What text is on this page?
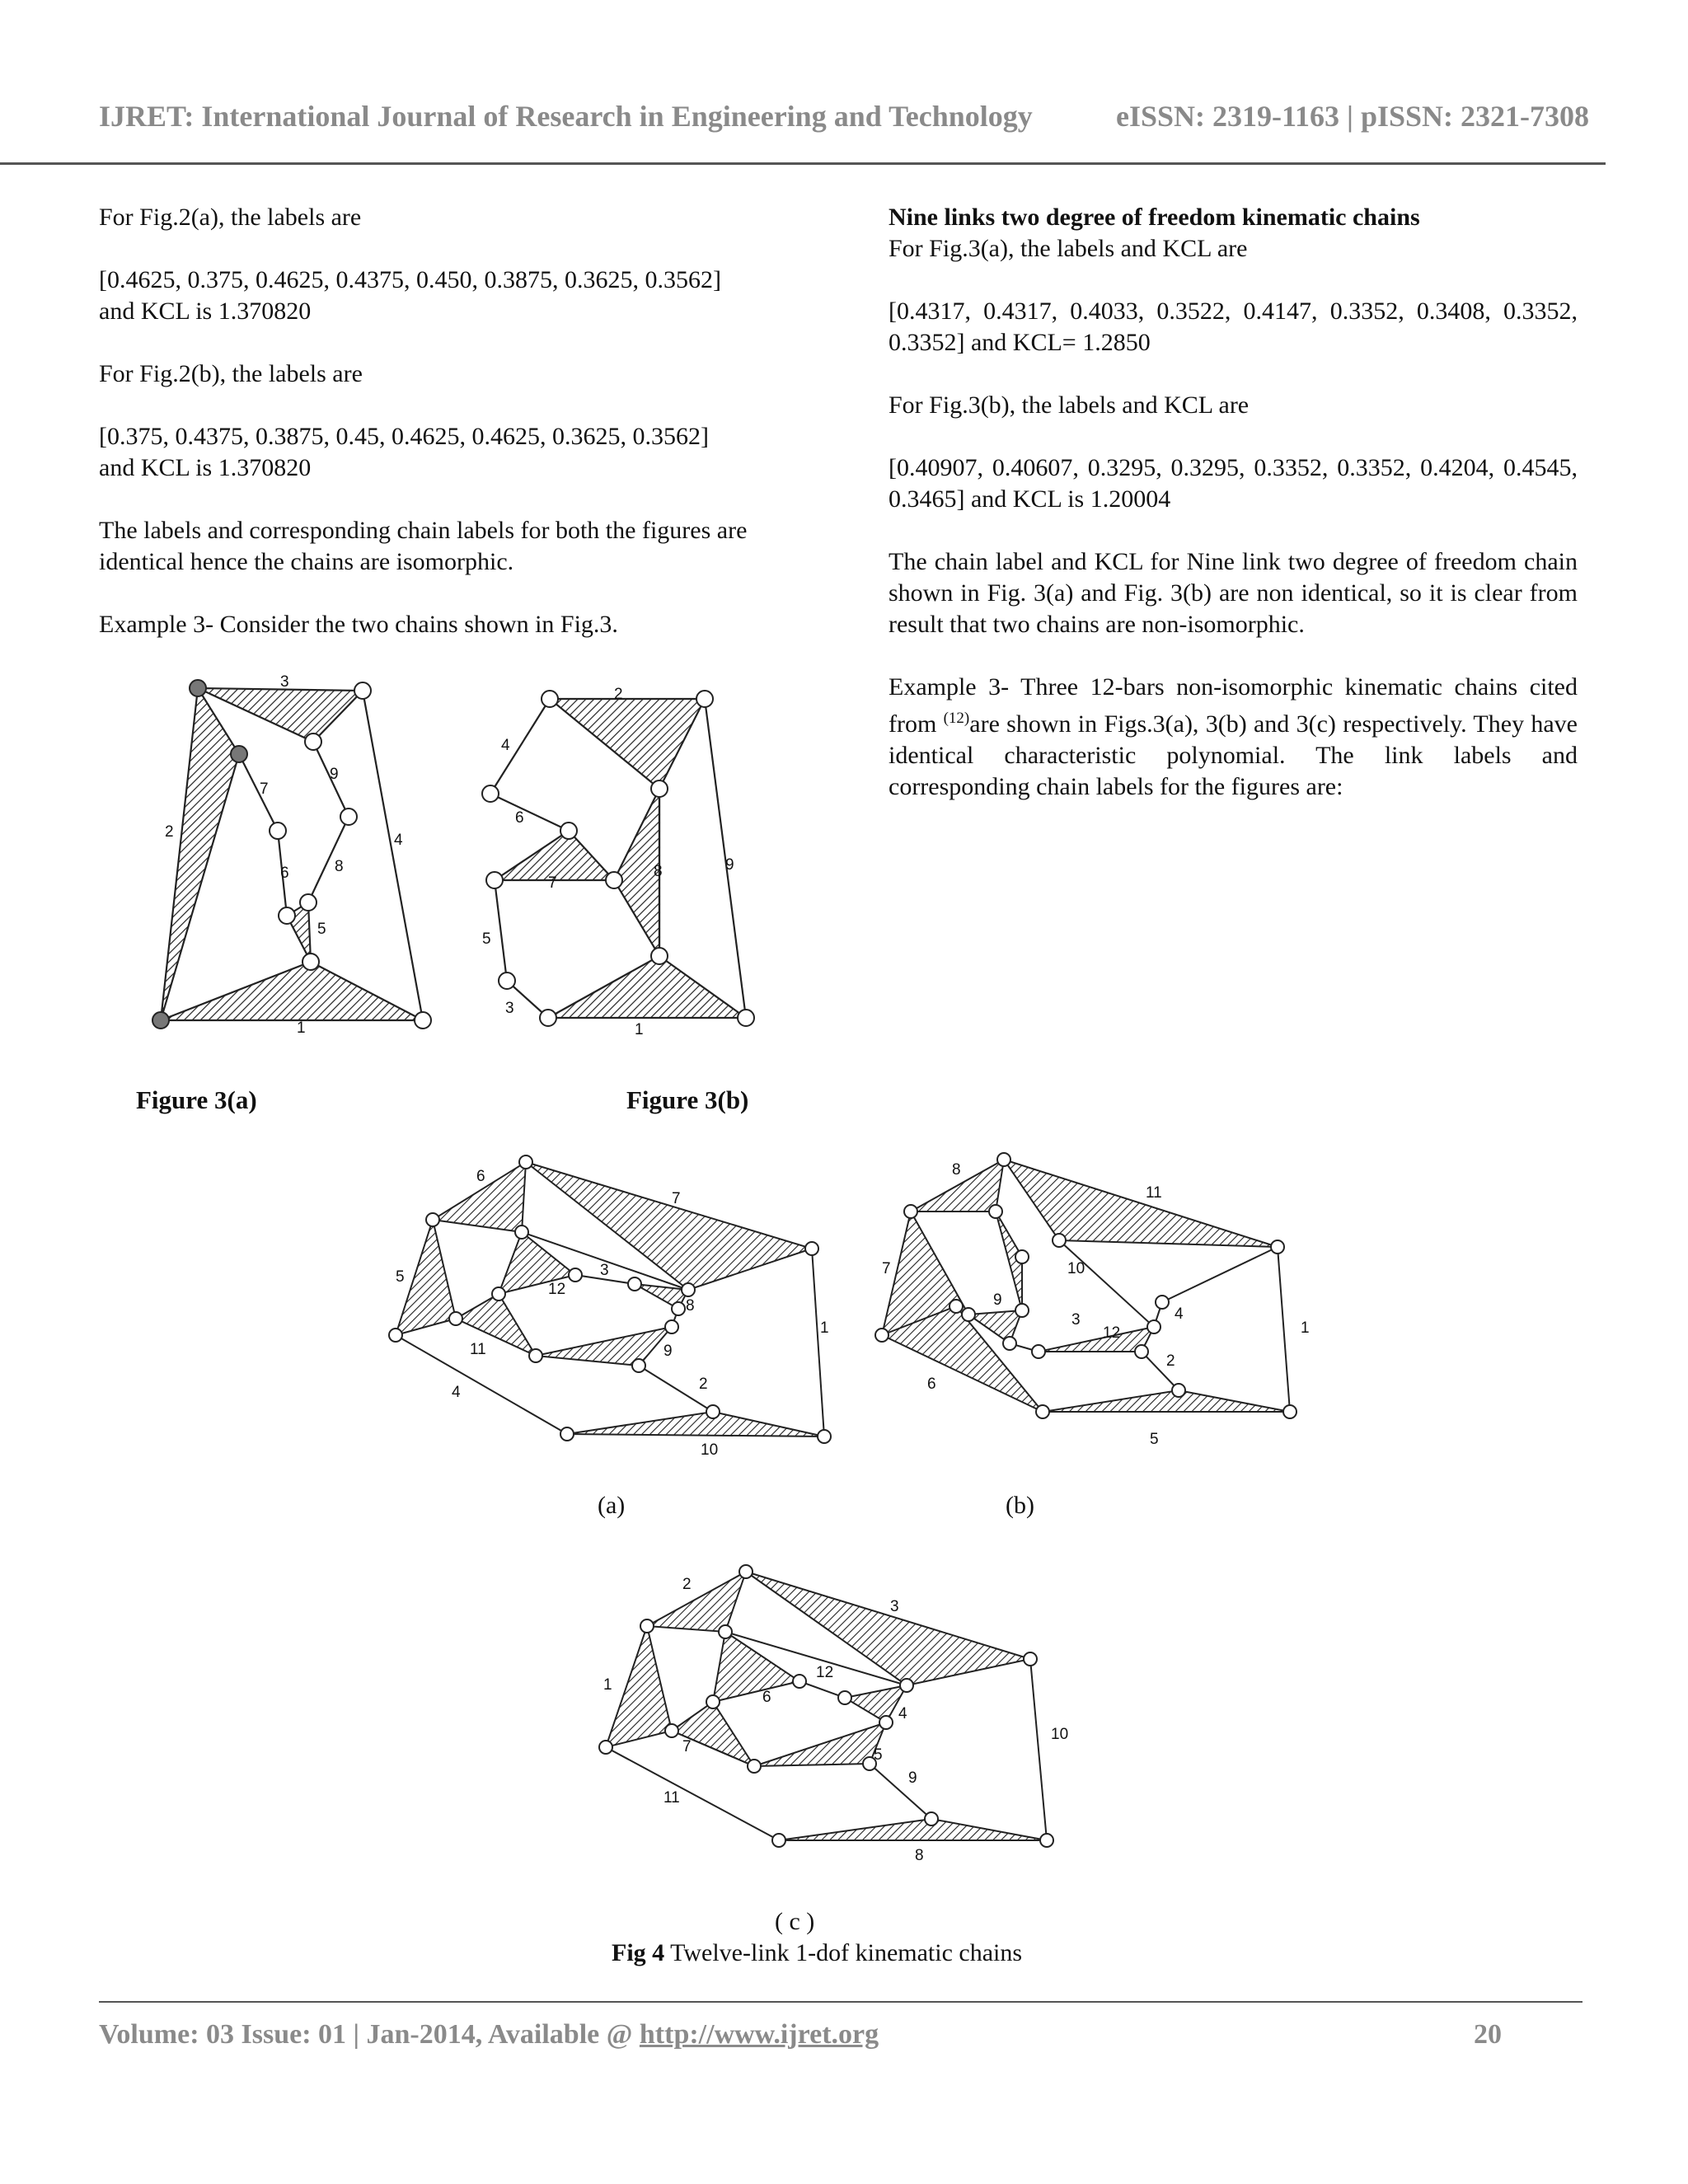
IJRET: International Journal of Research in Engineering and Technology	eISSN: 2319-1163 | pISSN: 2321-7308

For Fig.2(a), the labels are

[0.4625, 0.375, 0.4625, 0.4375, 0.450, 0.3875, 0.3625, 0.3562]

and KCL is 1.370820

For Fig.2(b), the labels are

[0.375, 0.4375, 0.3875, 0.45, 0.4625, 0.4625, 0.3625, 0.3562]

and KCL is 1.370820

The labels and corresponding chain labels for both the figures are identical hence the chains are isomorphic.

Example 3- Consider the two chains shown in Fig.3.

Nine links two degree of freedom kinematic chains

For Fig.3(a), the labels and KCL are

[0.4317, 0.4317, 0.4033, 0.3522, 0.4147, 0.3352, 0.3408, 0.3352, 0.3352] and KCL= 1.2850

For Fig.3(b), the labels and KCL are

[0.40907, 0.40607, 0.3295, 0.3295, 0.3352, 0.3352, 0.4204, 0.4545, 0.3465] and KCL is 1.20004

The chain label and KCL for Nine link two degree of freedom chain shown in Fig. 3(a) and Fig. 3(b) are non identical, so it is clear from result that two chains are non-isomorphic.

Example 3- Three 12-bars non-isomorphic kinematic chains cited from $^{(12)}$are shown in Figs.3(a), 3(b) and 3(c) respectively. They have identical characteristic polynomial. The link labels and corresponding chain labels for the figures are:

3
2
1
4
7
9
6	8
5
2
4
6
7
8	9
5
3
1
Figure 3(a)	Figure 3(b)
6
7
5	3
12
8
1
11	9
2
4
10
8
11
7	10
9
3	4
12	1
2
6
5
(a)	(b)
2
3
1
12
6
4
10
7	5
9
11
8
( c )
Fig 4 Twelve-link 1-dof kinematic chains
Volume: 03 Issue: 01 | Jan-2014, Available @ http://www.ijret.org	20
